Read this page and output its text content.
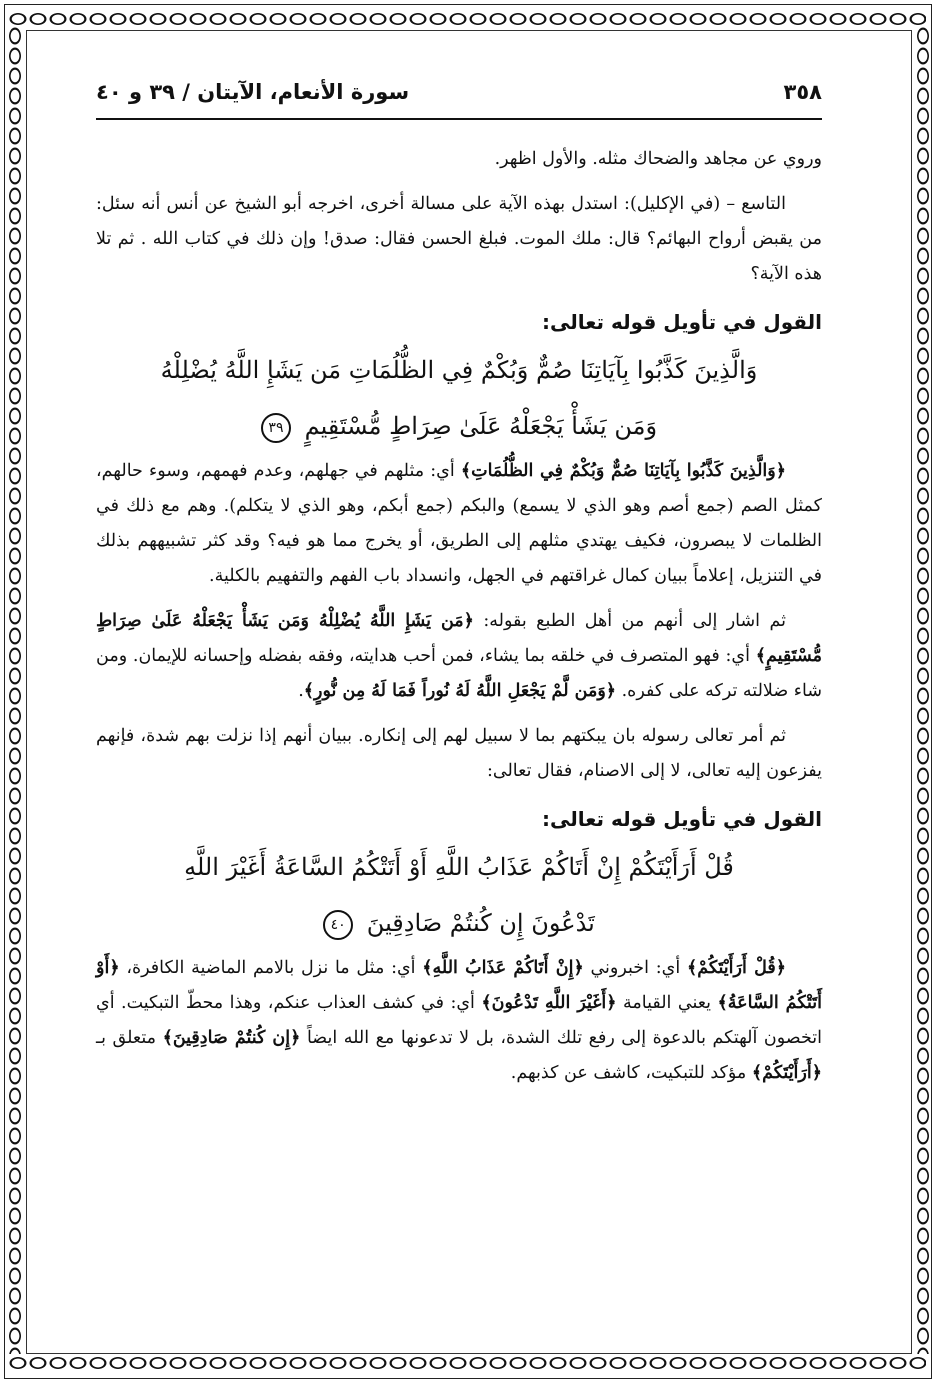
٣٥٨
سورة الأنعام، الآيتان / ٣٩ و ٤٠

وروي عن مجاهد والضحاك مثله. والأول اظهر.

التاسع – (في الإكليل): استدل بهذه الآية على مسالة أخرى، اخرجه أبو الشيخ عن أنس أنه سئل: من يقبض أرواح البهائم؟ قال: ملك الموت. فبلغ الحسن فقال: صدق! وإن ذلك في كتاب الله . ثم تلا هذه الآية؟

القول في تأويل قوله تعالى:
وَالَّذِينَ كَذَّبُوا بِآيَاتِنَا صُمٌّ وَبُكْمٌ فِي الظُّلُمَاتِ مَن يَشَإِ اللَّهُ يُضْلِلْهُ
وَمَن يَشَأْ يَجْعَلْهُ عَلَىٰ صِرَاطٍ مُّسْتَقِيمٍ ٣٩

﴿وَالَّذِينَ كَذَّبُوا بِآيَاتِنَا صُمٌّ وَبُكْمٌ فِي الظُّلُمَاتِ﴾ أي: مثلهم في جهلهم، وعدم فهمهم، وسوء حالهم، كمثل الصم (جمع أصم وهو الذي لا يسمع) والبكم (جمع أبكم، وهو الذي لا يتكلم). وهم مع ذلك في الظلمات لا يبصرون، فكيف يهتدي مثلهم إلى الطريق، أو يخرج مما هو فيه؟ وقد كثر تشبيههم بذلك في التنزيل، إعلاماً ببيان كمال غراقتهم في الجهل، وانسداد باب الفهم والتفهيم بالكلية.

ثم اشار إلى أنهم من أهل الطبع بقوله: ﴿مَن يَشَإِ اللَّهُ يُضْلِلْهُ وَمَن يَشَأْ يَجْعَلْهُ عَلَىٰ صِرَاطٍ مُّسْتَقِيمٍ﴾ أي: فهو المتصرف في خلقه بما يشاء، فمن أحب هدايته، وفقه بفضله وإحسانه للإيمان. ومن شاء ضلالته تركه على كفره. ﴿وَمَن لَّمْ يَجْعَلِ اللَّهُ لَهُ نُوراً فَمَا لَهُ مِن نُّورٍ﴾.

ثم أمر تعالى رسوله بان يبكتهم بما لا سبيل لهم إلى إنكاره. ببيان أنهم إذا نزلت بهم شدة، فإنهم يفزعون إليه تعالى، لا إلى الاصنام، فقال تعالى:

القول في تأويل قوله تعالى:
قُلْ أَرَأَيْتَكُمْ إِنْ أَتَاكُمْ عَذَابُ اللَّهِ أَوْ أَتَتْكُمُ السَّاعَةُ أَغَيْرَ اللَّهِ
تَدْعُونَ إِن كُنتُمْ صَادِقِينَ ٤٠

﴿قُلْ أَرَأَيْتَكُمْ﴾ أي: اخبروني ﴿إِنْ أَتَاكُمْ عَذَابُ اللَّهِ﴾ أي: مثل ما نزل بالامم الماضية الكافرة، ﴿أَوْ أَتَتْكُمُ السَّاعَةُ﴾ يعني القيامة ﴿أَغَيْرَ اللَّهِ تَدْعُونَ﴾ أي: في كشف العذاب عنكم، وهذا محطّ التبكيت. أي اتخصون آلهتكم بالدعوة إلى رفع تلك الشدة، بل لا تدعونها مع الله ايضاً ﴿إِن كُنتُمْ صَادِقِينَ﴾ متعلق بـ ﴿أَرَأَيْتَكُمْ﴾ مؤكد للتبكيت، كاشف عن كذبهم.
